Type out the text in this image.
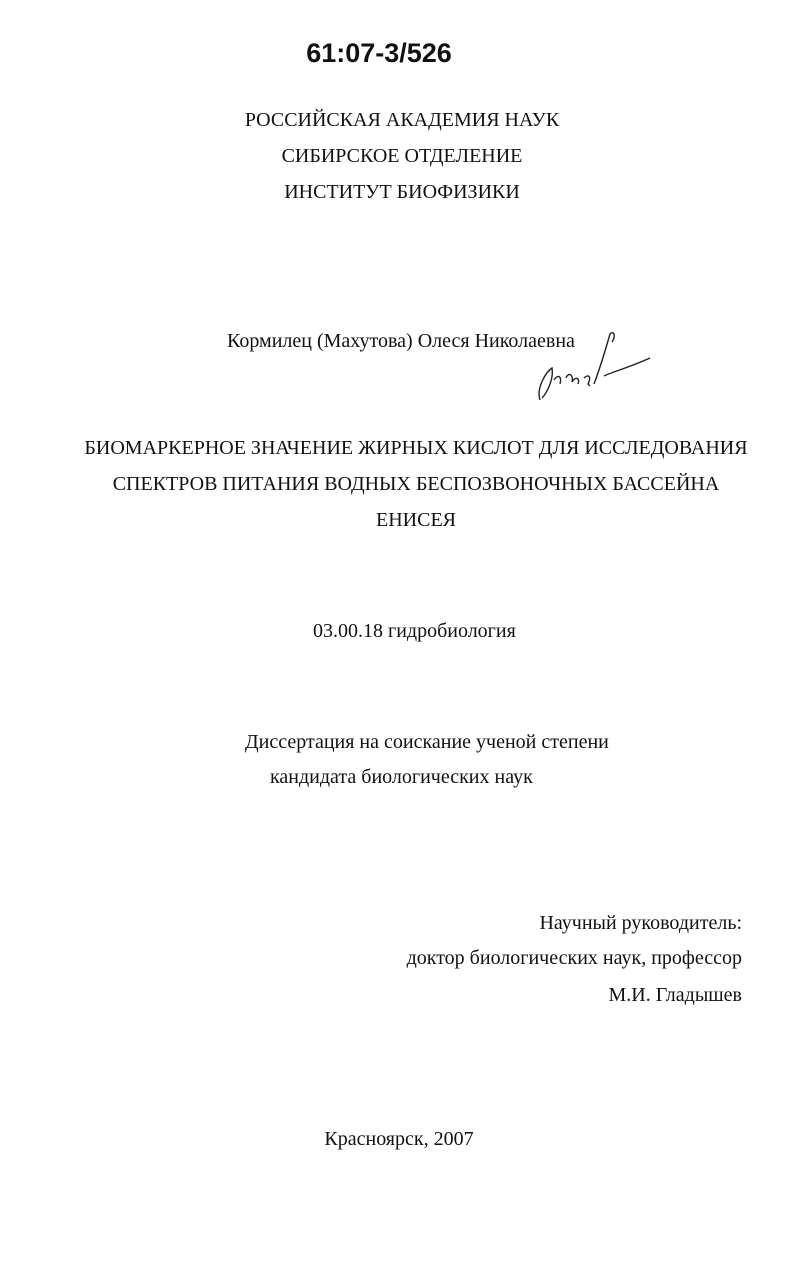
61:07-3/526
РОССИЙСКАЯ АКАДЕМИЯ НАУК
СИБИРСКОЕ ОТДЕЛЕНИЕ
ИНСТИТУТ БИОФИЗИКИ
Кормилец (Махутова) Олеся Николаевна
БИОМАРКЕРНОЕ ЗНАЧЕНИЕ ЖИРНЫХ КИСЛОТ ДЛЯ ИССЛЕДОВАНИЯ
СПЕКТРОВ ПИТАНИЯ ВОДНЫХ БЕСПОЗВОНОЧНЫХ БАССЕЙНА
ЕНИСЕЯ
03.00.18 гидробиология
Диссертация на соискание ученой степени
кандидата биологических наук
Научный руководитель:
доктор биологических наук, профессор
М.И. Гладышев
Красноярск, 2007
